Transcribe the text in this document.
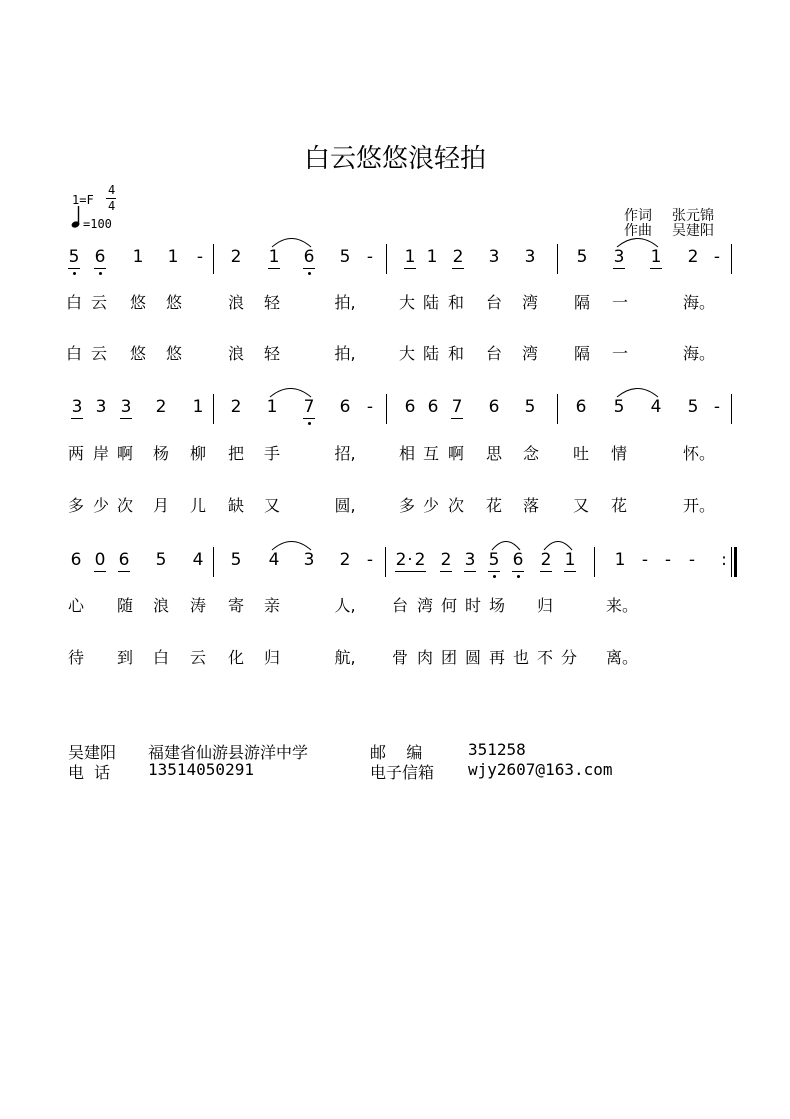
白云悠悠浪轻拍
1=F
4
4
=100	作词 张元锦
作曲 吴建阳
5 6 1 1 - 2 1 6 5 - 1 1 2 3 3 5 3 1 2 -
白 云 悠 悠	浪 轻	拍,	大 陆 和 台 湾 隔 一	海。
白 云 悠 悠	浪 轻	拍,	大 陆 和 台 湾 隔 一	海。
3 3 3 2 1 2 1 7 6 - 6 6 7 6 5 6 5 4 5 -
两 岸 啊 杨 柳 把 手	招,	相 互 啊 思 念 吐 情	怀。
多 少 次 月 儿 缺 又	圆,	多 少 次 花 落 又 花	开。
6 0 6 5 4 5 4 3 2 - 2 · 2 2 3 5 6 2 1 1 - - - :
心 随 浪 涛 寄 亲	人, 台 湾 何 时 场 归	来。
待 到 白 云 化 归	航, 骨 肉 团 圆 再 也 不 分 离。
吴建阳 福建省仙游县游洋中学	邮    编	351258
电  话 13514050291	电子信箱 wjy2607@163.com
